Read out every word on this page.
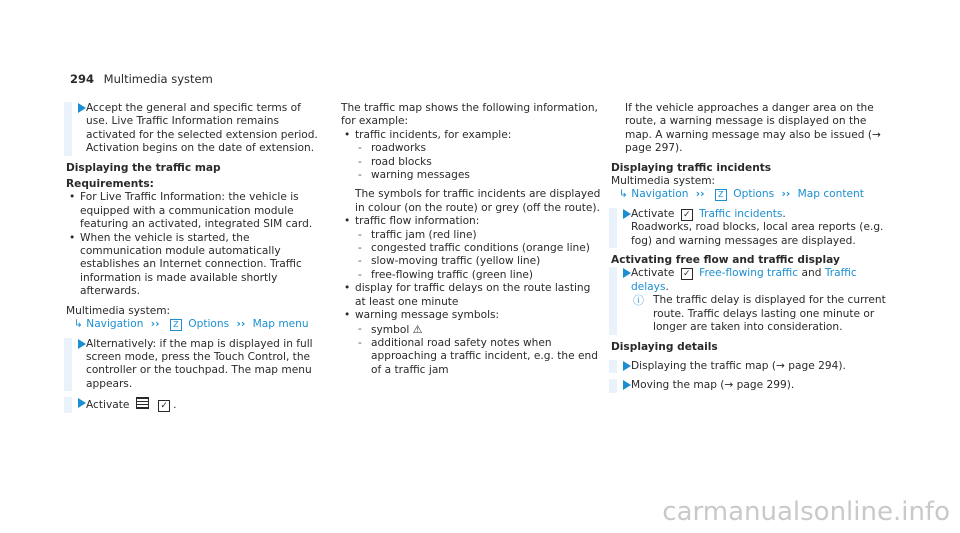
294 Multimedia system
Accept the general and specific terms of use. Live Traffic Information remains activated for the selected extension period. Activation begins on the date of extension.
Displaying the traffic map
Requirements:
• For Live Traffic Information: the vehicle is equipped with a communication module featuring an activated, integrated SIM card.
• When the vehicle is started, the communication module automatically establishes an Internet connection. Traffic information is made available shortly afterwards.
Multimedia system:
↳ Navigation ›› Z Options ›› Map menu
Alternatively: if the map is displayed in full screen mode, press the Touch Control, the controller or the touchpad. The map menu appears.
Activate	✓ .
The traffic map shows the following information, for example:
• traffic incidents, for example:
- roadworks
- road blocks
- warning messages
The symbols for traffic incidents are displayed in colour (on the route) or grey (off the route).
• traffic flow information:
- traffic jam (red line)
- congested traffic conditions (orange line)
- slow-moving traffic (yellow line)
- free-flowing traffic (green line)
• display for traffic delays on the route lasting at least one minute
• warning message symbols:
- symbol ⚠
- additional road safety notes when approaching a traffic incident, e.g. the end of a traffic jam
If the vehicle approaches a danger area on the route, a warning message is displayed on the map. A warning message may also be issued (→ page 297).
Displaying traffic incidents
Multimedia system:
↳ Navigation ›› Z Options ›› Map content
Activate ✓ Traffic incidents.
Roadworks, road blocks, local area reports (e.g. fog) and warning messages are displayed.
Activating free flow and traffic display
Activate ✓ Free-flowing traffic and Traffic delays.
ⓘ The traffic delay is displayed for the current route. Traffic delays lasting one minute or longer are taken into consideration.
Displaying details
Displaying the traffic map (→ page 294).
Moving the map (→ page 299).
carmanualsonline.info
